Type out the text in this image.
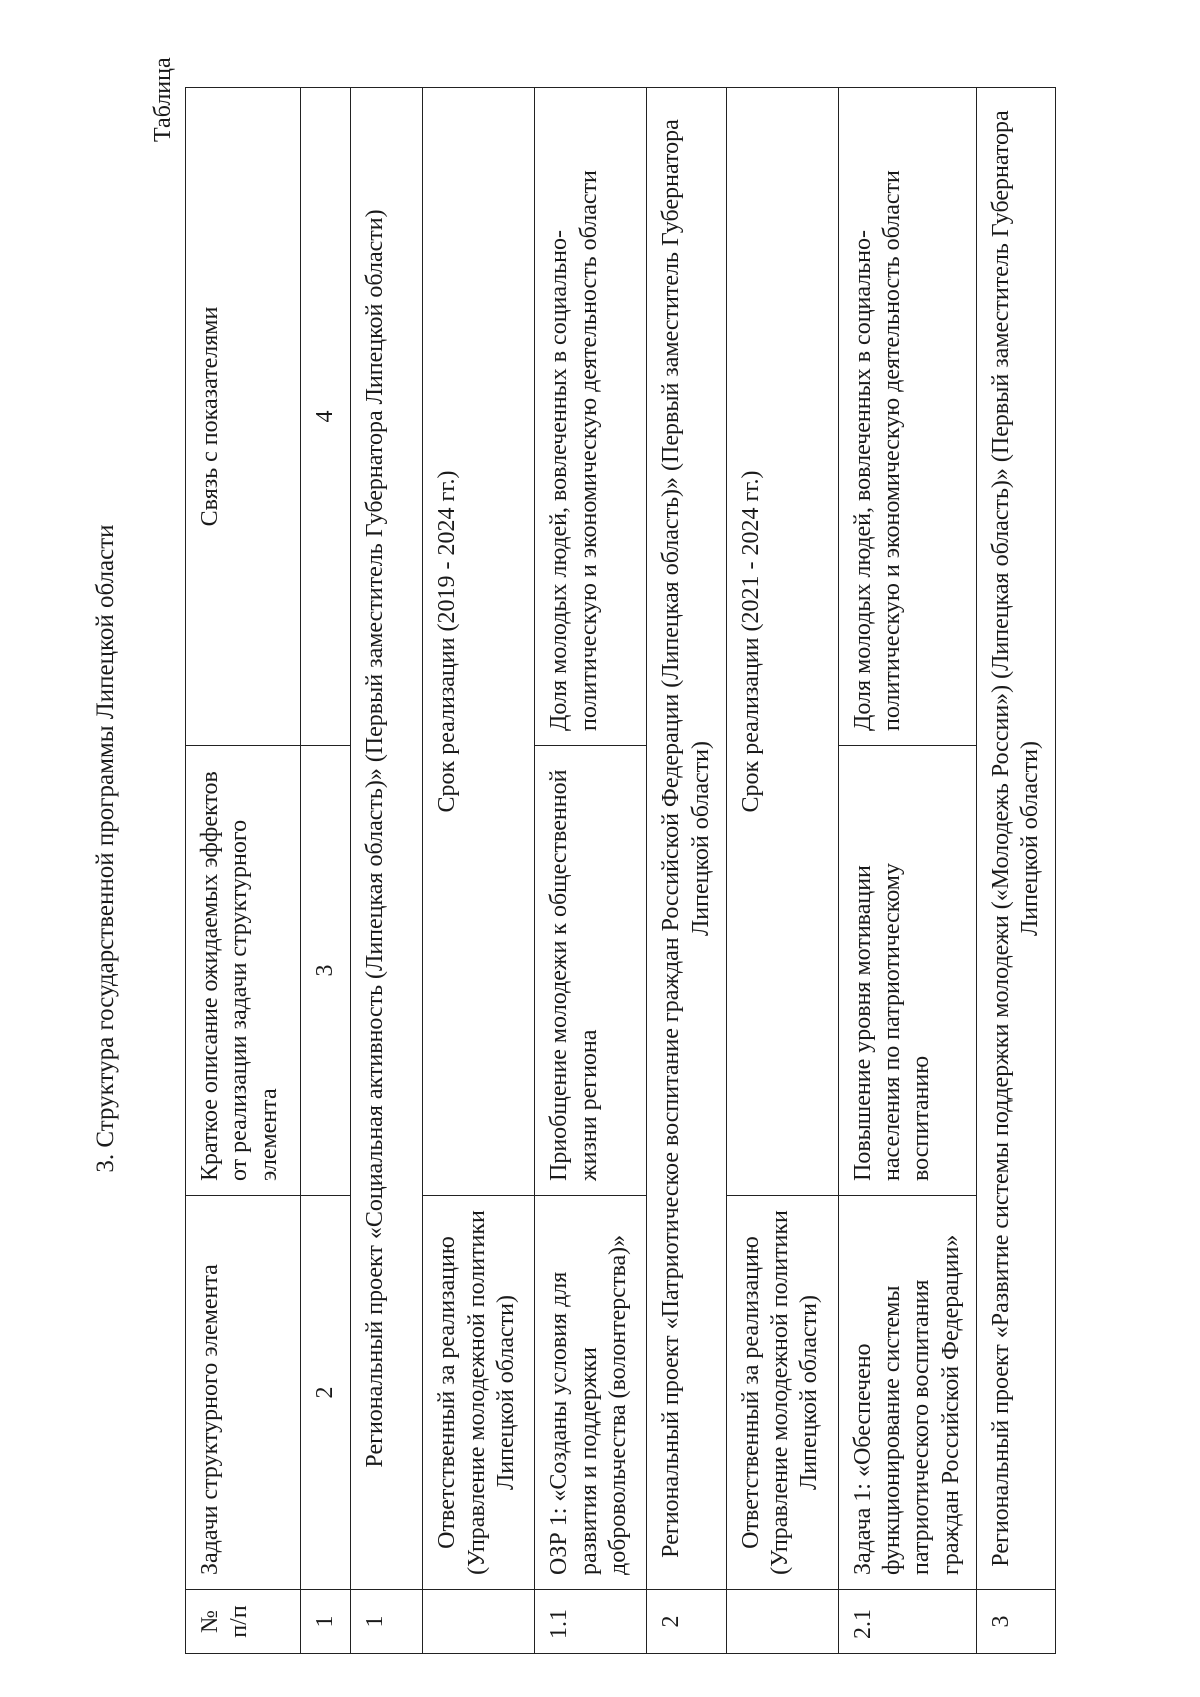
3. Структура государственной программы Липецкой области
Таблица
№ п/п	Задачи структурного элемента	Краткое описание ожидаемых эффектов от реализации задачи структурного элемента	Связь с показателями
1	2	3	4
1	Региональный проект «Социальная активность (Липецкая область)» (Первый заместитель Губернатора Липецкой области)		
	Ответственный за реализацию (Управление молодежной политики Липецкой области)	Срок реализации (2019 - 2024 гг.)	
1.1	ОЗР 1: «Созданы условия для развития и поддержки добровольчества (волонтерства)»	Приобщение молодежи к общественной жизни региона	Доля молодых людей, вовлеченных в социально-политическую и экономическую деятельность области
2	Региональный проект «Патриотическое воспитание граждан Российской Федерации (Липецкая область)» (Первый заместитель Губернатора Липецкой области)		
	Ответственный за реализацию (Управление молодежной политики Липецкой области)	Срок реализации (2021 - 2024 гг.)	
2.1	Задача 1: «Обеспечено функционирование системы патриотического воспитания граждан Российской Федерации»	Повышение уровня мотивации населения по патриотическому воспитанию	Доля молодых людей, вовлеченных в социально-политическую и экономическую деятельность области
3	Региональный проект «Развитие системы поддержки молодежи («Молодежь России») (Липецкая область)» (Первый заместитель Губернатора Липецкой области)		
